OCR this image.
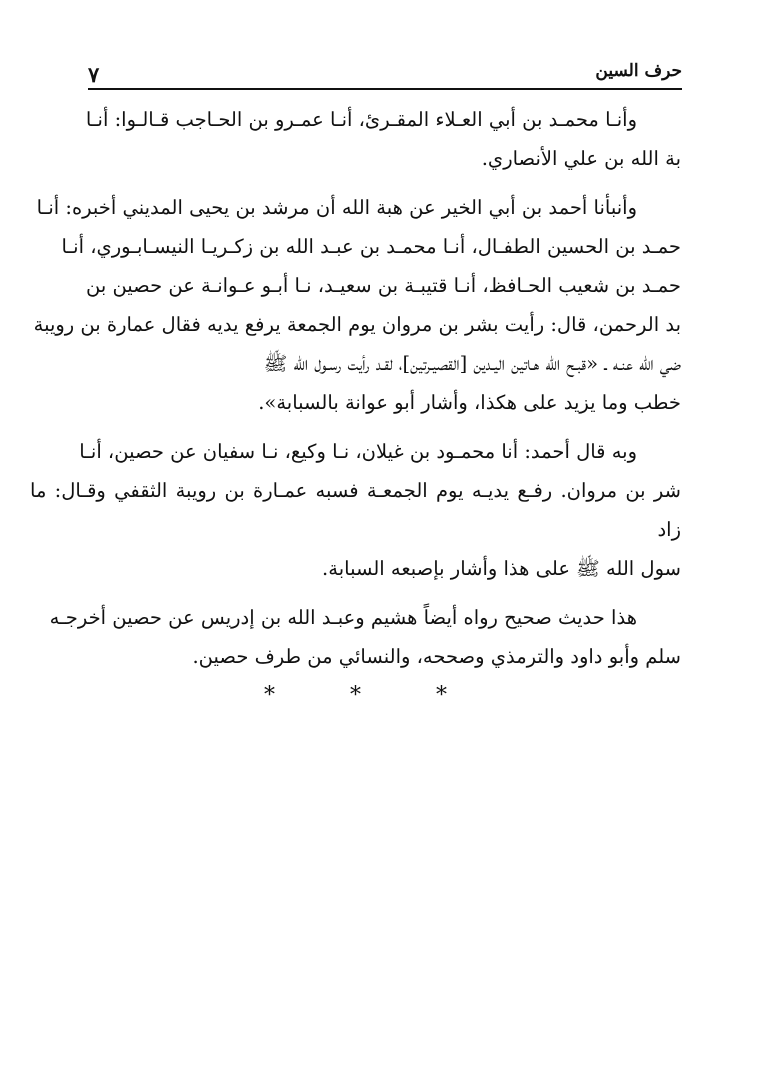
٧	حرف السين

وأنـا محمـد بن أبي العـلاء المقـرئ، أنـا عمـرو بن الحـاجب قـالـوا: أنـا
بة الله بن علي الأنصاري.

وأنبأنا أحمد بن أبي الخير عن هبة الله أن مرشد بن يحيى المديني أخبره: أنـا
حمـد بن الحسين الطفـال، أنـا محمـد بن عبـد الله بن زكـريـا النيسـابـوري، أنـا
حمـد بن شعيب الحـافظ، أنـا قتيبـة بن سعيـد، نـا أبـو عـوانـة عن حصين بن
بد الرحمن، قال: رأيت بشر بن مروان يوم الجمعة يرفع يديه فقال عمارة بن رويبة
ضي الله عنـه ـ «قبـح الله هـاتين اليـدين [القصيـرتين]، لقـد رأيت رسـول الله ﷺ
خطب وما يزيد على هكذا، وأشار أبو عوانة بالسبابة».

وبه قال أحمد: أنا محمـود بن غيلان، نـا وكيع، نـا سفيان عن حصين، أنـا
شر بن مروان. رفـع يديـه يوم الجمعـة فسبه عمـارة بن رويبة الثقفي وقـال: ما زاد
سول الله ﷺ على هذا وأشار بإصبعه السبابة.

هذا حديث صحيح رواه أيضاً هشيم وعبـد الله بن إدريس عن حصين أخرجـه
سلم وأبو داود والترمذي وصححه، والنسائي من طرف حصين.

* * *
